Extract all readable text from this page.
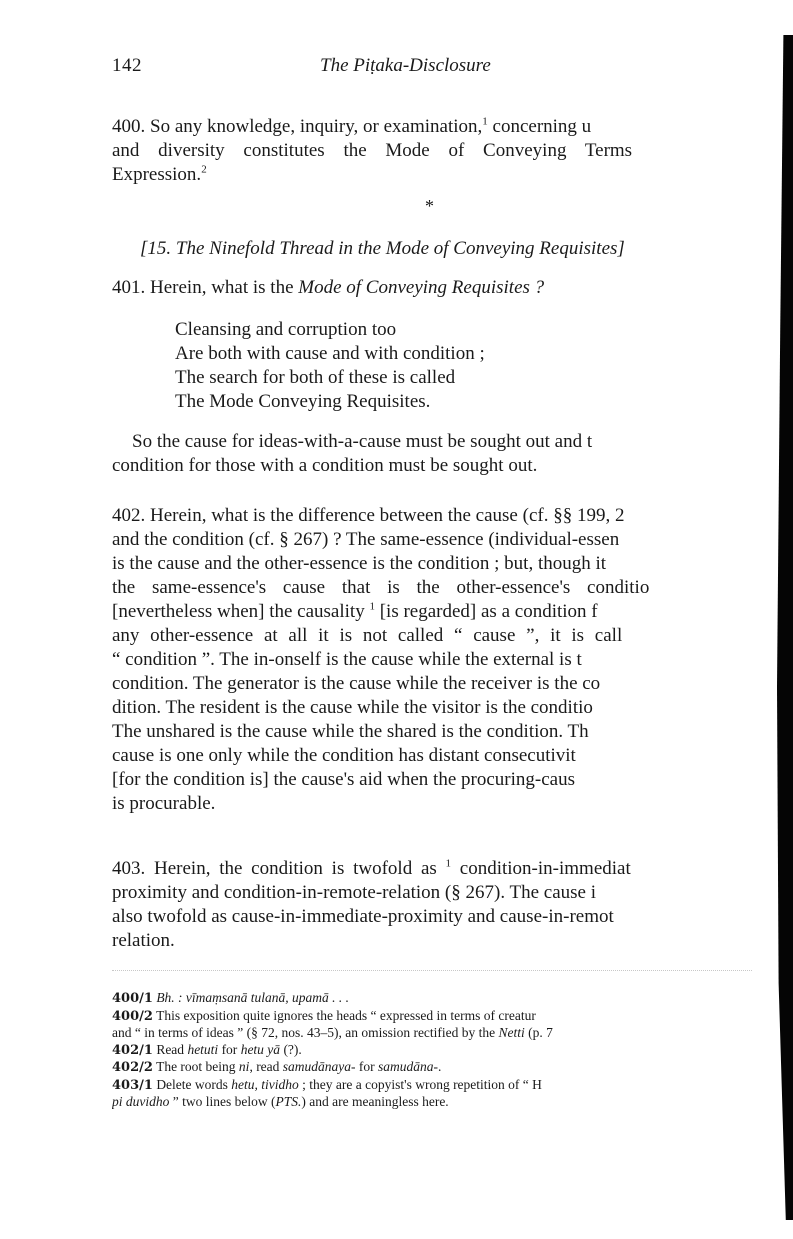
142	The Piṭaka-Disclosure
400. So any knowledge, inquiry, or examination,$^1$ concerning u
and diversity constitutes the Mode of Conveying Terms
Expression.$^2$
*
[15. The Ninefold Thread in the Mode of Conveying Requisites]
401. Herein, what is the Mode of Conveying Requisites ?
Cleansing and corruption too
Are both with cause and with condition ;
The search for both of these is called
The Mode Conveying Requisites.
So the cause for ideas-with-a-cause must be sought out and t
condition for those with a condition must be sought out.
402. Herein, what is the difference between the cause (cf. §§ 199, 2
and the condition (cf. § 267) ? The same-essence (individual-essen
is the cause and the other-essence is the condition ; but, though it
the same-essence's cause that is the other-essence's conditio
[nevertheless when] the causality $^1$ [is regarded] as a condition f
any other-essence at all it is not called “ cause ”, it is call
“ condition ”. The in-onself is the cause while the external is t
condition. The generator is the cause while the receiver is the co
dition. The resident is the cause while the visitor is the conditio
The unshared is the cause while the shared is the condition. Th
cause is one only while the condition has distant consecutivit
[for the condition is] the cause's aid when the procuring-caus
is procurable.
403. Herein, the condition is twofold as $^1$ condition-in-immediat
proximity and condition-in-remote-relation (§ 267). The cause i
also twofold as cause-in-immediate-proximity and cause-in-remot
relation.
400/1 Bh. : vīmaṃsanā tulanā, upamā . . .
400/2 This exposition quite ignores the heads “ expressed in terms of creatur
and “ in terms of ideas ” (§ 72, nos. 43–5), an omission rectified by the Netti (p. 7
402/1 Read hetuti for hetu yā (?).
402/2 The root being ni, read samudānaya- for samudāna-.
403/1 Delete words hetu, tividho ; they are a copyist's wrong repetition of “ H
pi duvidho ” two lines below (PTS.) and are meaningless here.
